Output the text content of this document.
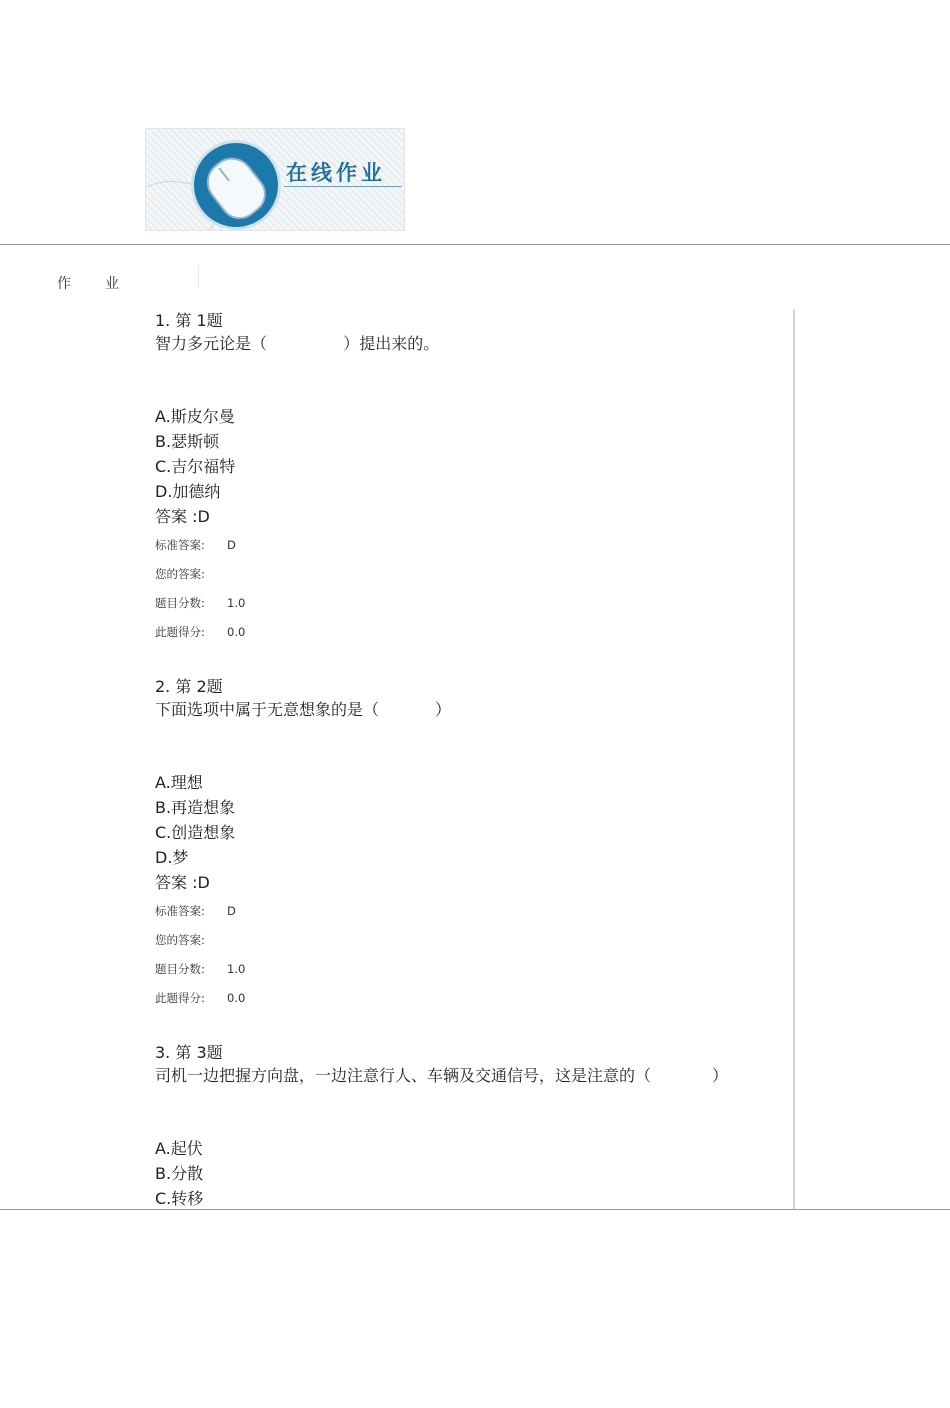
在线作业
作业
1. 第 1题
智力多元论是（               ）提出来的。
A.斯皮尔曼
B.瑟斯顿
C.吉尔福特
D.加德纳
答案 :D
标准答案: D
您的答案:
题目分数: 1.0
此题得分: 0.0
2. 第 2题
下面选项中属于无意想象的是（           ）
A.理想
B.再造想象
C.创造想象
D.梦
答案 :D
标准答案: D
您的答案:
题目分数: 1.0
此题得分: 0.0
3. 第 3题
司机一边把握方向盘，一边注意行人、车辆及交通信号，这是注意的（            ）
A.起伏
B.分散
C.转移
